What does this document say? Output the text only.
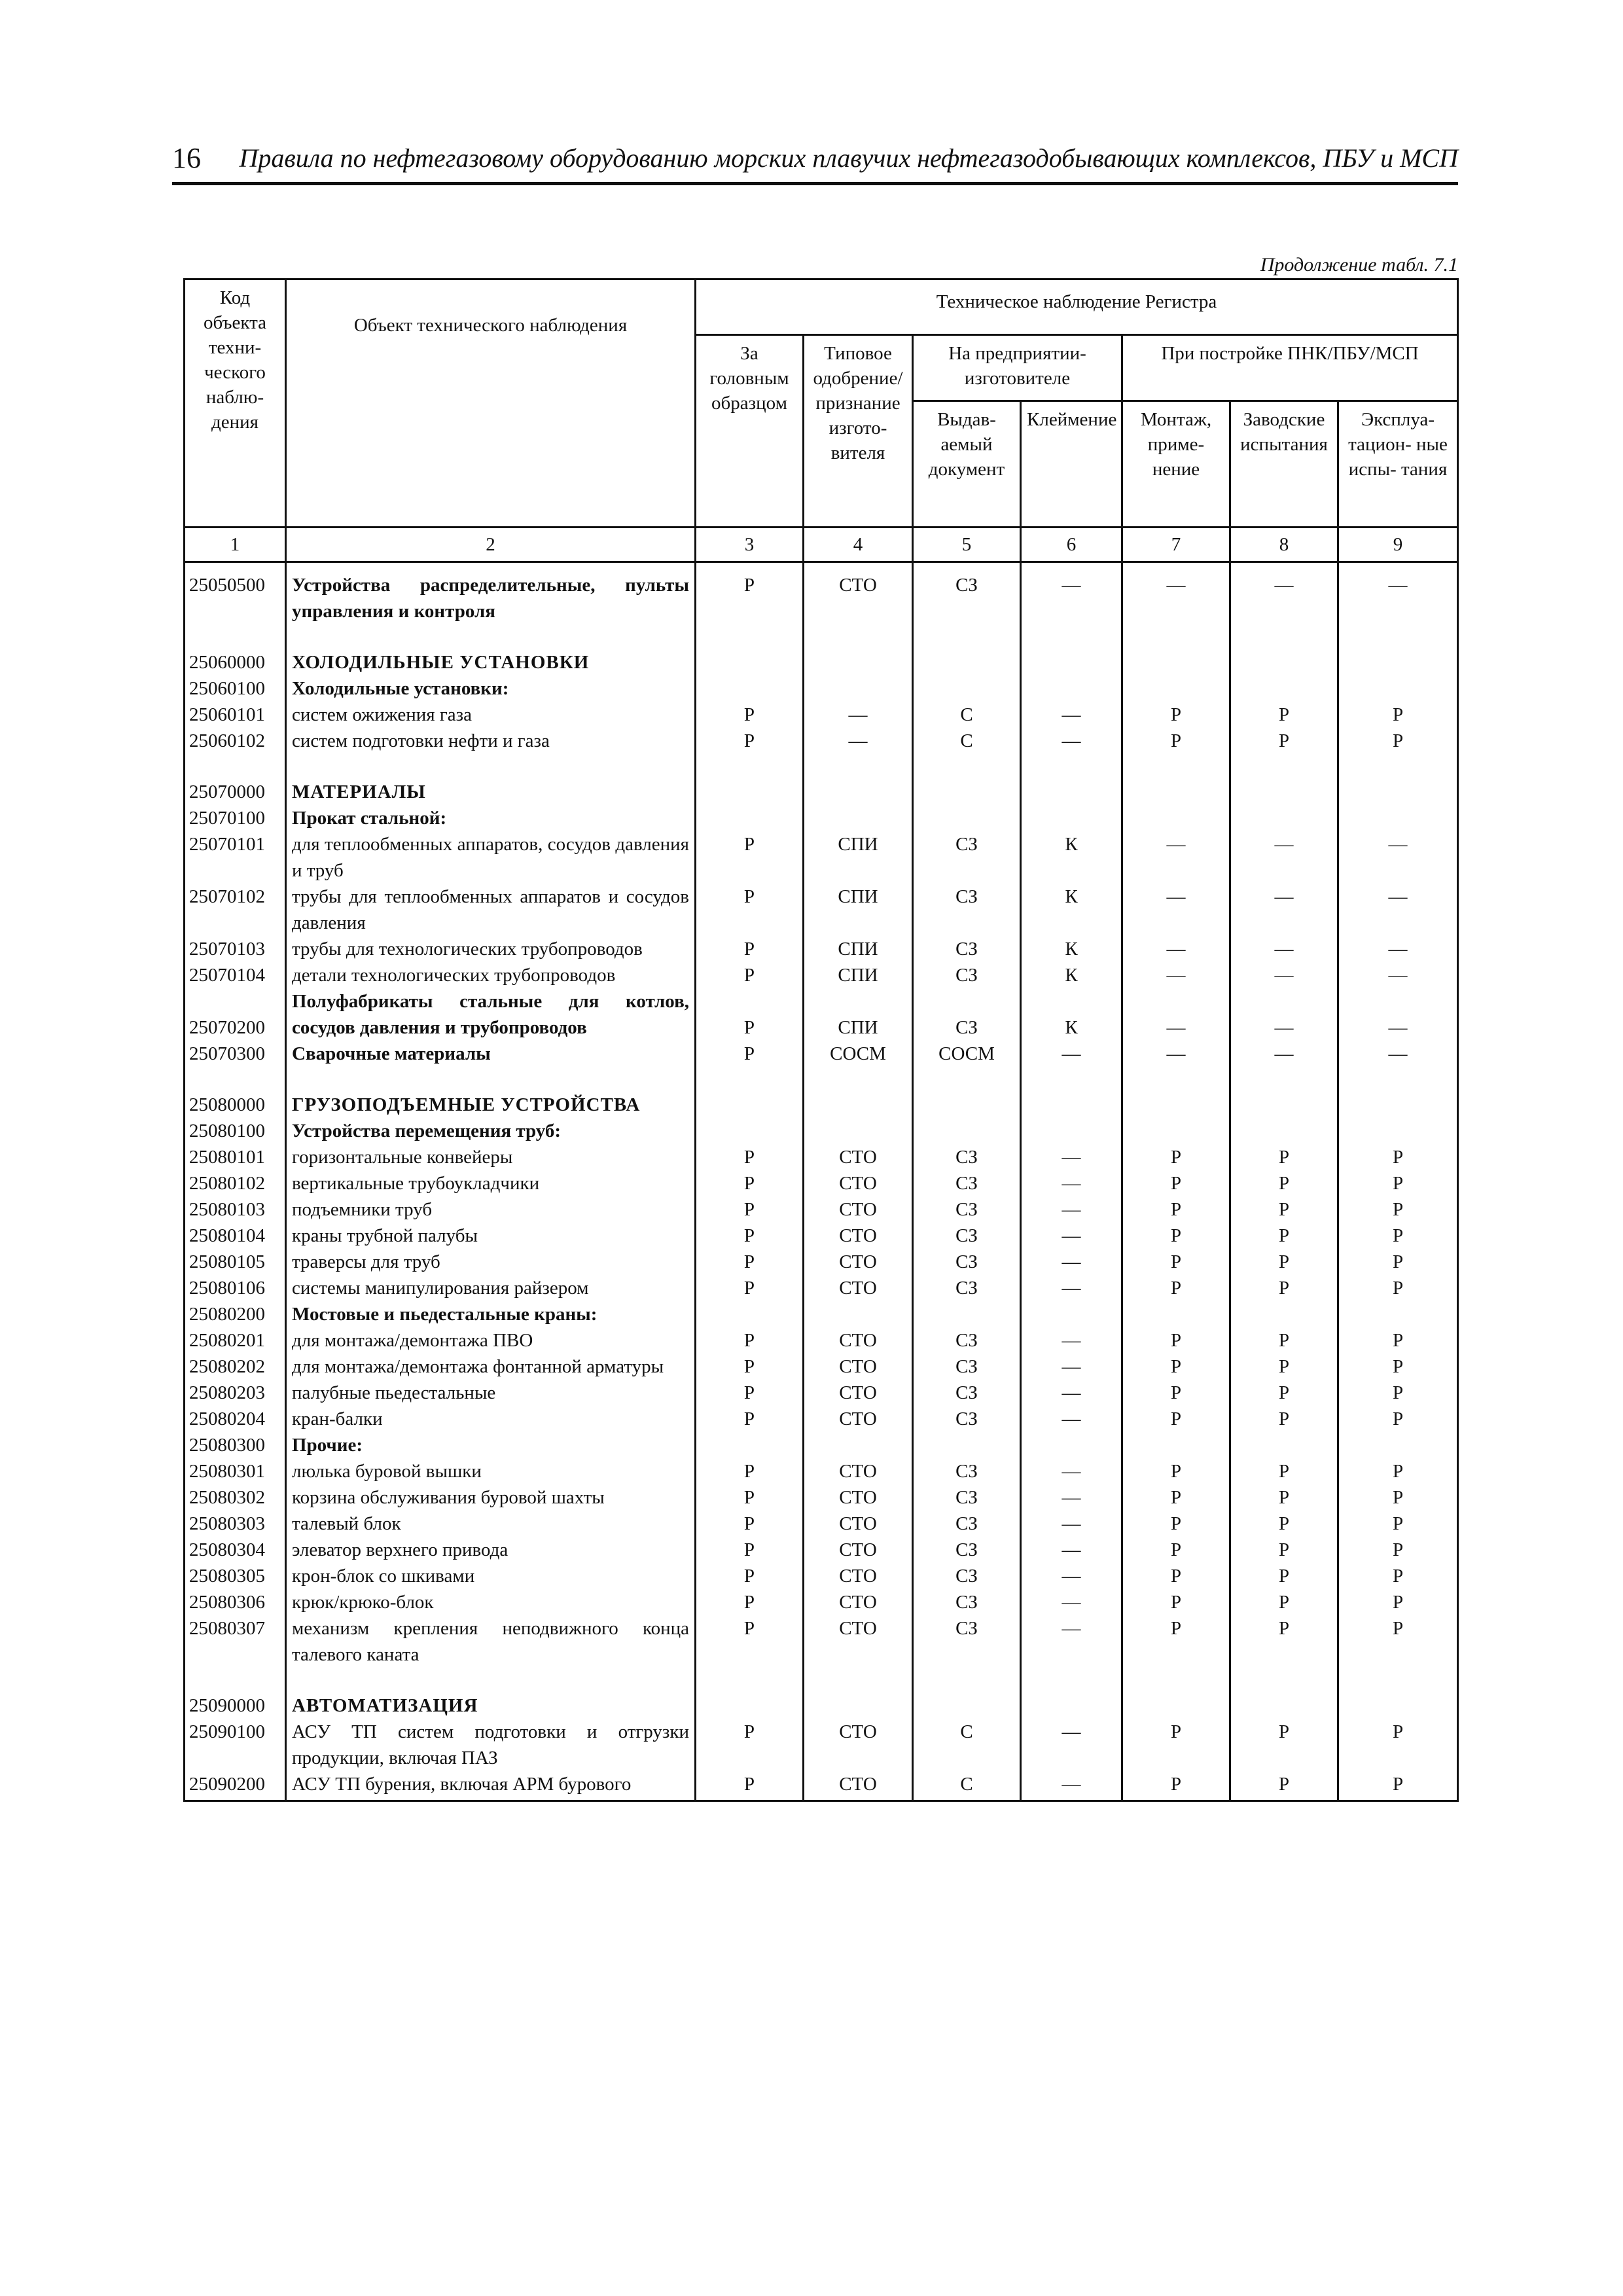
16 Правила по нефтегазовому оборудованию морских плавучих нефтегазодобывающих комплексов, ПБУ и МСП
Продолжение табл. 7.1
Код объекта техни- ческого наблю- дения	Объект технического наблюдения	Техническое наблюдение Регистра						
		За головным образцом	Типовое одобрение/ признание изгото- вителя	На предприятии- изготовителе		При постройке ПНК/ПБУ/МСП		
				Выдав- аемый документ	Клеймение	Монтаж, приме- нение	Заводские испытания	Эксплуа- тацион- ные испы- тания
1	2	3	4	5	6	7	8	9
25050500	Устройства распределительные, пульты управления и контроля	Р	СТО	СЗ	—	—	—	—

25060000	ХОЛОДИЛЬНЫЕ УСТАНОВКИ							
25060100	Холодильные установки:							
25060101	систем ожижения газа	Р	—	С	—	Р	Р	Р
25060102	систем подготовки нефти и газа	Р	—	С	—	Р	Р	Р

25070000	МАТЕРИАЛЫ							
25070100	Прокат стальной:							
25070101	для теплообменных аппаратов, сосудов давления и труб	Р	СПИ	СЗ	К	—	—	—
25070102	трубы для теплообменных аппаратов и сосудов давления	Р	СПИ	СЗ	К	—	—	—
25070103	трубы для технологических трубопроводов	Р	СПИ	СЗ	К	—	—	—
25070104	детали технологических трубопроводов	Р	СПИ	СЗ	К	—	—	—
25070200	Полуфабрикаты стальные для котлов, сосудов давления и трубопроводов	Р	СПИ	СЗ	К	—	—	—
25070300	Сварочные материалы	Р	СОСМ	СОСМ	—	—	—	—

25080000	ГРУЗОПОДЪЕМНЫЕ УСТРОЙСТВА							
25080100	Устройства перемещения труб:							
25080101	горизонтальные конвейеры	Р	СТО	СЗ	—	Р	Р	Р
25080102	вертикальные трубоукладчики	Р	СТО	СЗ	—	Р	Р	Р
25080103	подъемники труб	Р	СТО	СЗ	—	Р	Р	Р
25080104	краны трубной палубы	Р	СТО	СЗ	—	Р	Р	Р
25080105	траверсы для труб	Р	СТО	СЗ	—	Р	Р	Р
25080106	системы манипулирования райзером	Р	СТО	СЗ	—	Р	Р	Р
25080200	Мостовые и пьедестальные краны:							
25080201	для монтажа/демонтажа ПВО	Р	СТО	СЗ	—	Р	Р	Р
25080202	для монтажа/демонтажа фонтанной арматуры	Р	СТО	СЗ	—	Р	Р	Р
25080203	палубные пьедестальные	Р	СТО	СЗ	—	Р	Р	Р
25080204	кран-балки	Р	СТО	СЗ	—	Р	Р	Р
25080300	Прочие:							
25080301	люлька буровой вышки	Р	СТО	СЗ	—	Р	Р	Р
25080302	корзина обслуживания буровой шахты	Р	СТО	СЗ	—	Р	Р	Р
25080303	талевый блок	Р	СТО	СЗ	—	Р	Р	Р
25080304	элеватор верхнего привода	Р	СТО	СЗ	—	Р	Р	Р
25080305	крон-блок со шкивами	Р	СТО	СЗ	—	Р	Р	Р
25080306	крюк/крюко-блок	Р	СТО	СЗ	—	Р	Р	Р
25080307	механизм крепления неподвижного конца талевого каната	Р	СТО	СЗ	—	Р	Р	Р

25090000	АВТОМАТИЗАЦИЯ							
25090100	АСУ ТП систем подготовки и отгрузки продукции, включая ПАЗ	Р	СТО	С	—	Р	Р	Р
25090200	АСУ ТП бурения, включая АРМ бурового	Р	СТО	С	—	Р	Р	Р
